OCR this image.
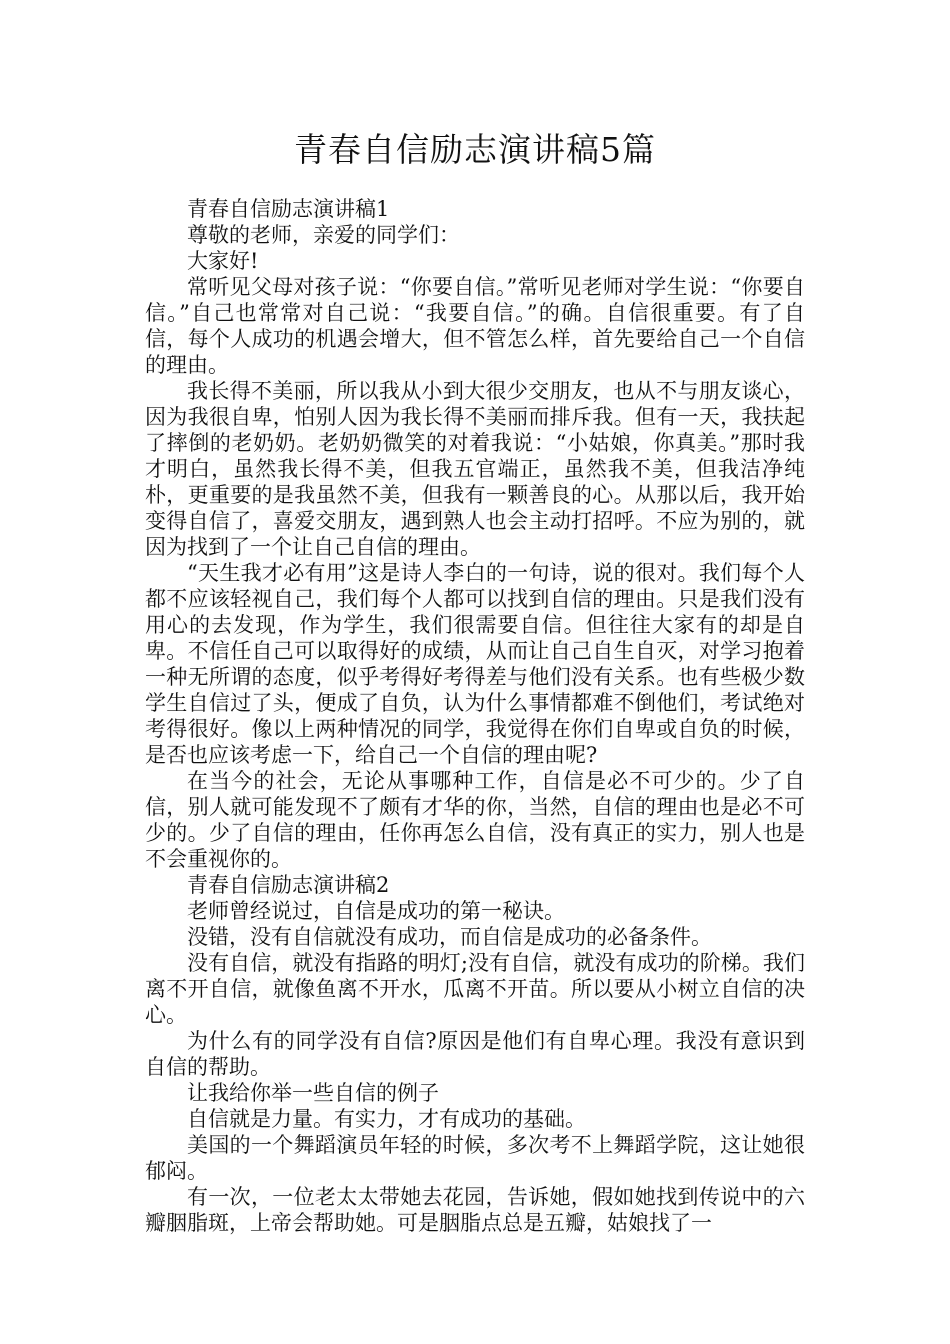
青春自信励志演讲稿5篇

青春自信励志演讲稿1

尊敬的老师，亲爱的同学们：

大家好!

常听见父母对孩子说：“你要自信。”常听见老师对学生说：“你要自信。”自己也常常对自己说：“我要自信。”的确。自信很重要。有了自信，每个人成功的机遇会增大，但不管怎么样，首先要给自己一个自信的理由。

我长得不美丽，所以我从小到大很少交朋友，也从不与朋友谈心，因为我很自卑，怕别人因为我长得不美丽而排斥我。但有一天，我扶起了摔倒的老奶奶。老奶奶微笑的对着我说：“小姑娘，你真美。”那时我才明白，虽然我长得不美，但我五官端正，虽然我不美，但我洁净纯朴，更重要的是我虽然不美，但我有一颗善良的心。从那以后，我开始变得自信了，喜爱交朋友，遇到熟人也会主动打招呼。不应为别的，就因为找到了一个让自己自信的理由。

“天生我才必有用”这是诗人李白的一句诗，说的很对。我们每个人都不应该轻视自己，我们每个人都可以找到自信的理由。只是我们没有用心的去发现，作为学生，我们很需要自信。但往往大家有的却是自卑。不信任自己可以取得好的成绩，从而让自己自生自灭，对学习抱着一种无所谓的态度，似乎考得好考得差与他们没有关系。也有些极少数学生自信过了头，便成了自负，认为什么事情都难不倒他们，考试绝对考得很好。像以上两种情况的同学，我觉得在你们自卑或自负的时候，是否也应该考虑一下，给自己一个自信的理由呢?

在当今的社会，无论从事哪种工作，自信是必不可少的。少了自信，别人就可能发现不了颇有才华的你，当然，自信的理由也是必不可少的。少了自信的理由，任你再怎么自信，没有真正的实力，别人也是不会重视你的。

青春自信励志演讲稿2

老师曾经说过，自信是成功的第一秘诀。

没错，没有自信就没有成功，而自信是成功的必备条件。

没有自信，就没有指路的明灯;没有自信，就没有成功的阶梯。我们离不开自信，就像鱼离不开水，瓜离不开苗。所以要从小树立自信的决心。

为什么有的同学没有自信?原因是他们有自卑心理。我没有意识到自信的帮助。

让我给你举一些自信的例子

自信就是力量。有实力，才有成功的基础。

美国的一个舞蹈演员年轻的时候，多次考不上舞蹈学院，这让她很郁闷。

有一次，一位老太太带她去花园，告诉她，假如她找到传说中的六瓣胭脂斑，上帝会帮助她。可是胭脂点总是五瓣，姑娘找了一
